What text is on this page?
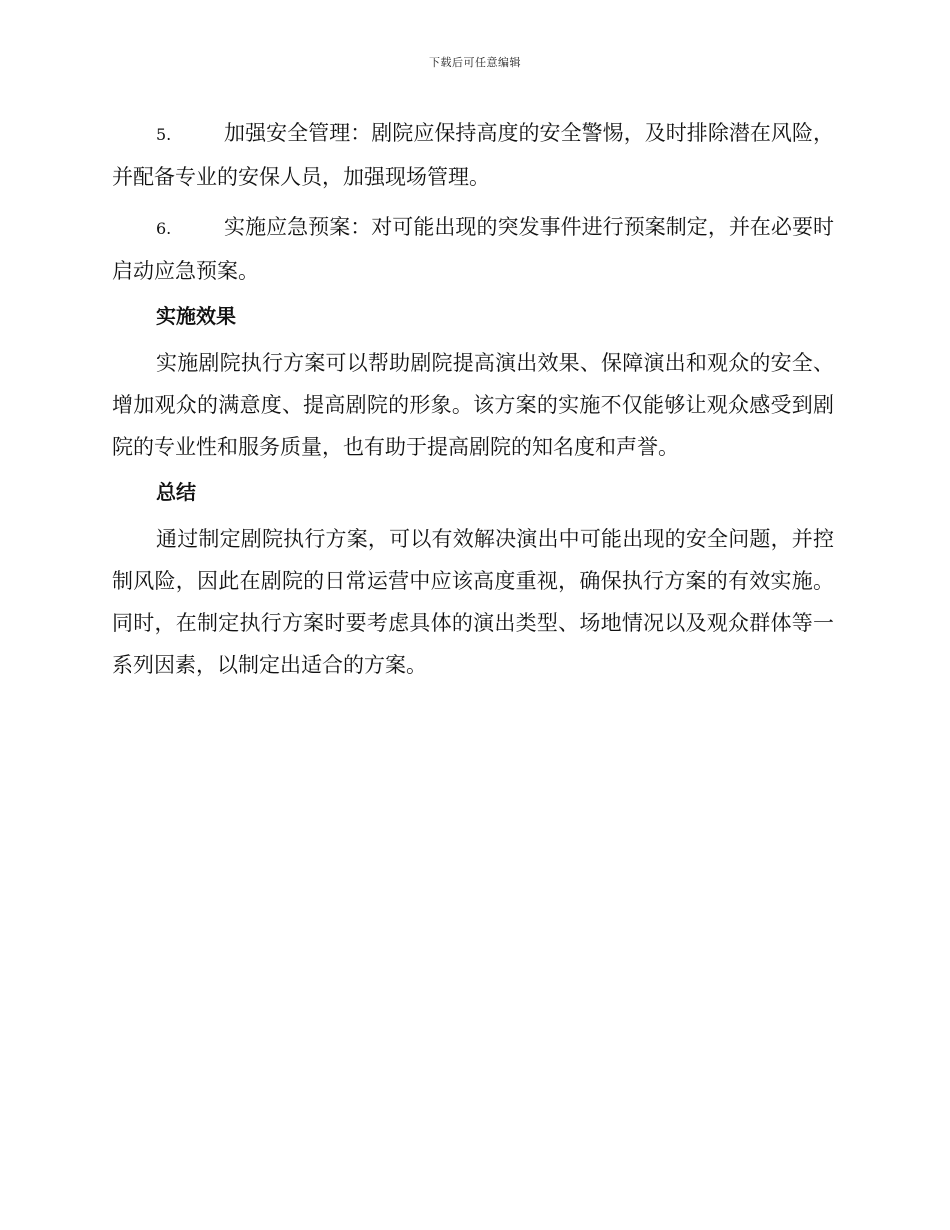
下载后可任意编辑

5.	加强安全管理：剧院应保持高度的安全警惕，及时排除潜在风险，并配备专业的安保人员，加强现场管理。

6.	实施应急预案：对可能出现的突发事件进行预案制定，并在必要时启动应急预案。

实施效果

实施剧院执行方案可以帮助剧院提高演出效果、保障演出和观众的安全、增加观众的满意度、提高剧院的形象。该方案的实施不仅能够让观众感受到剧院的专业性和服务质量，也有助于提高剧院的知名度和声誉。

总结

通过制定剧院执行方案，可以有效解决演出中可能出现的安全问题，并控制风险，因此在剧院的日常运营中应该高度重视，确保执行方案的有效实施。同时，在制定执行方案时要考虑具体的演出类型、场地情况以及观众群体等一系列因素，以制定出适合的方案。
